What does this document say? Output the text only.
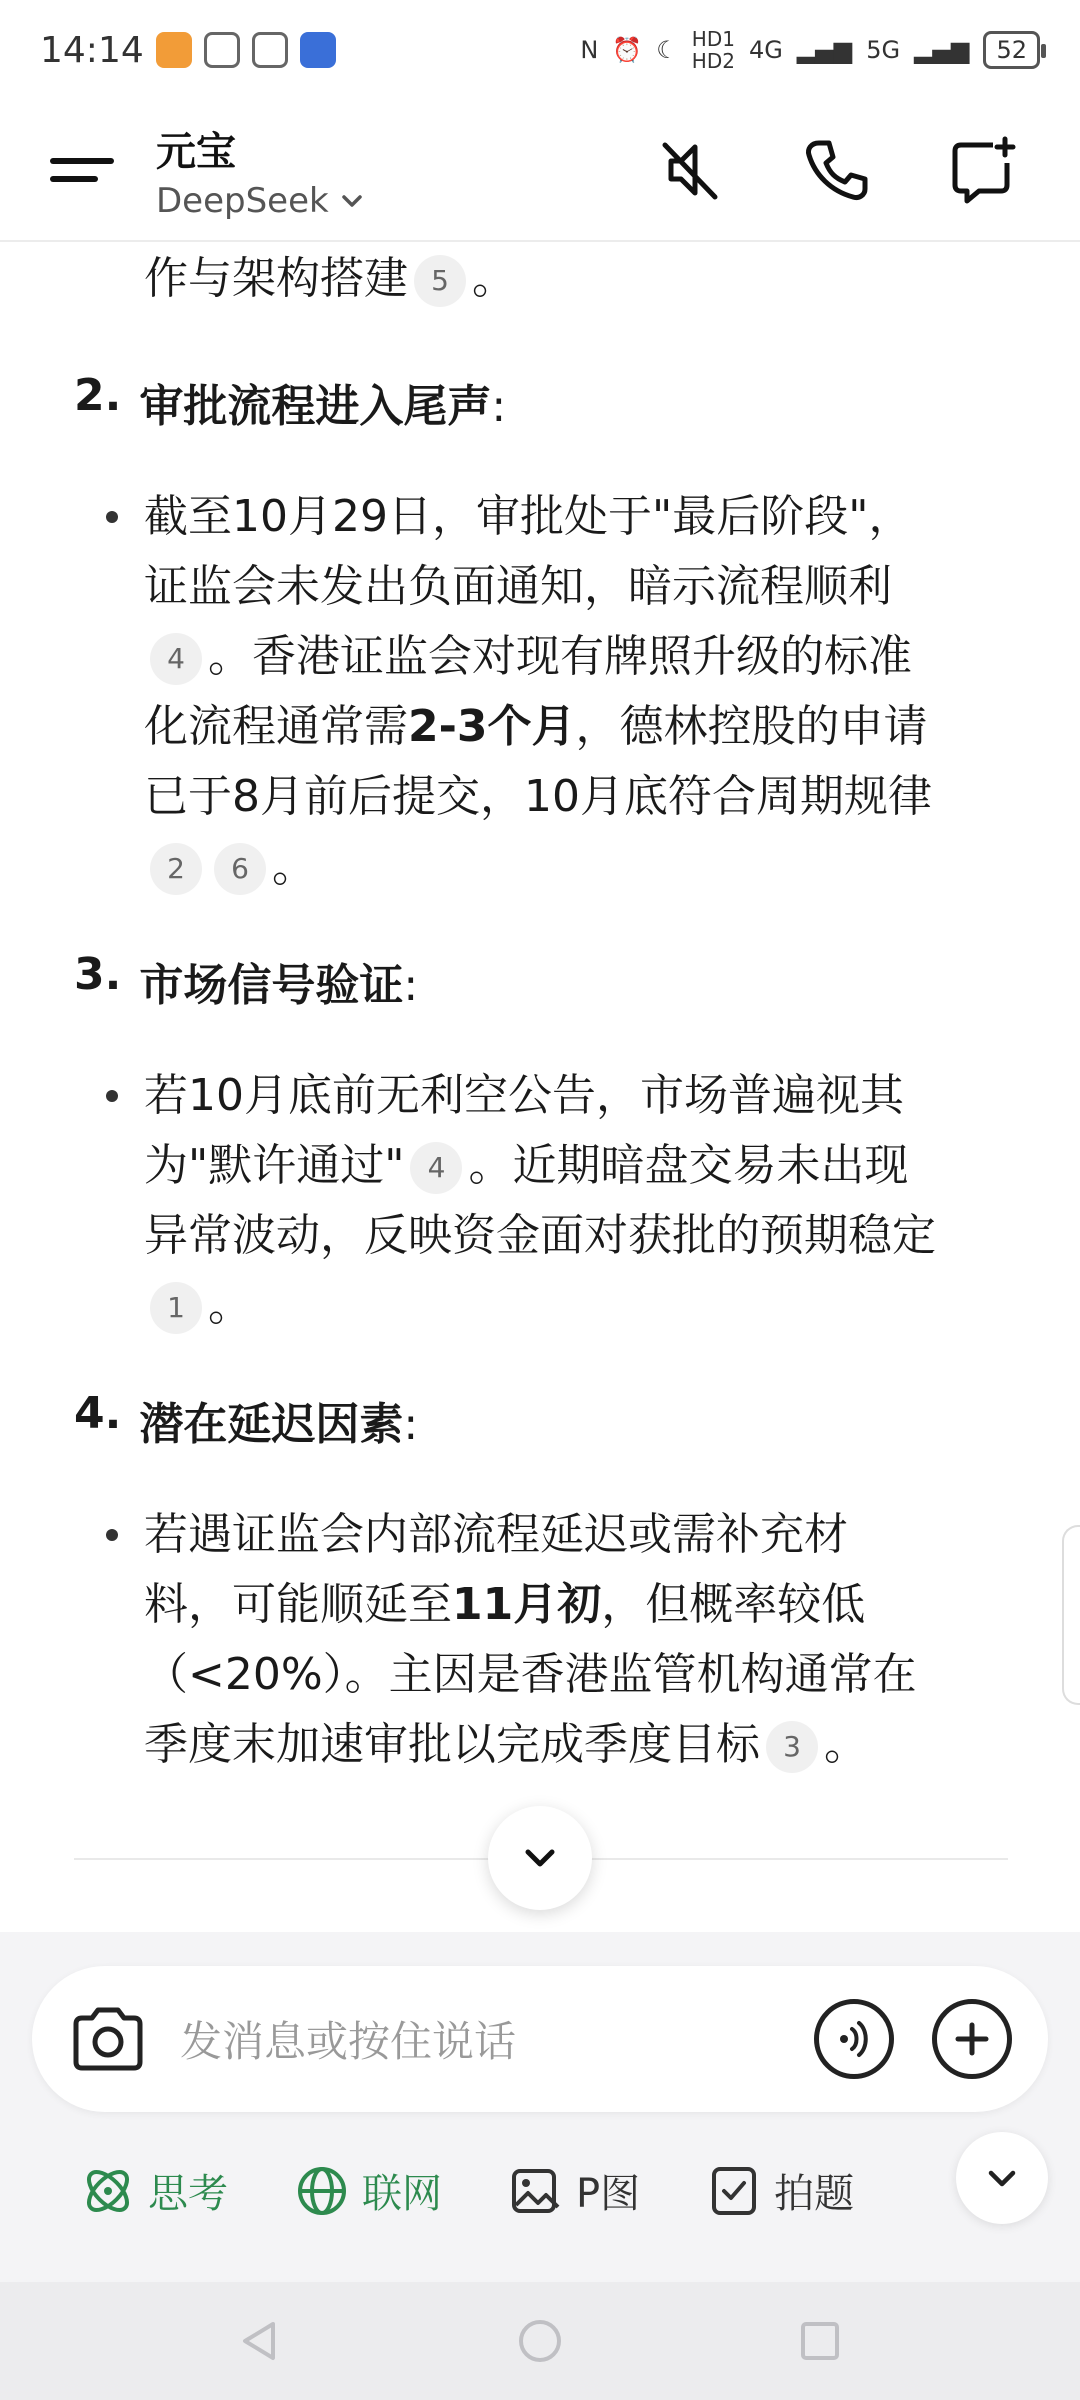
14:14	Ν ⏰ ☾ HD1
HD2 4G ▂▄▆ 5G ▂▄▆	52
元宝
DeepSeek
作与架构搭建 5 。
2. 审批流程进入尾声:
截至10月29日，审批处于"最后阶段"，
证监会未发出负面通知，暗示流程顺利
4 。香港证监会对现有牌照升级的标准
化流程通常需2-3个月，德林控股的申请
已于8月前后提交，10月底符合周期规律
2 6 。
3. 市场信号验证:
若10月底前无利空公告，市场普遍视其
为"默许通过" 4 。近期暗盘交易未出现
异常波动，反映资金面对获批的预期稳定
1 。
4. 潜在延迟因素:
若遇证监会内部流程延迟或需补充材
料，可能顺延至11月初，但概率较低
（<20%）。主因是香港监管机构通常在
季度末加速审批以完成季度目标 3 。
发消息或按住说话
思考	联网	P图	拍题
